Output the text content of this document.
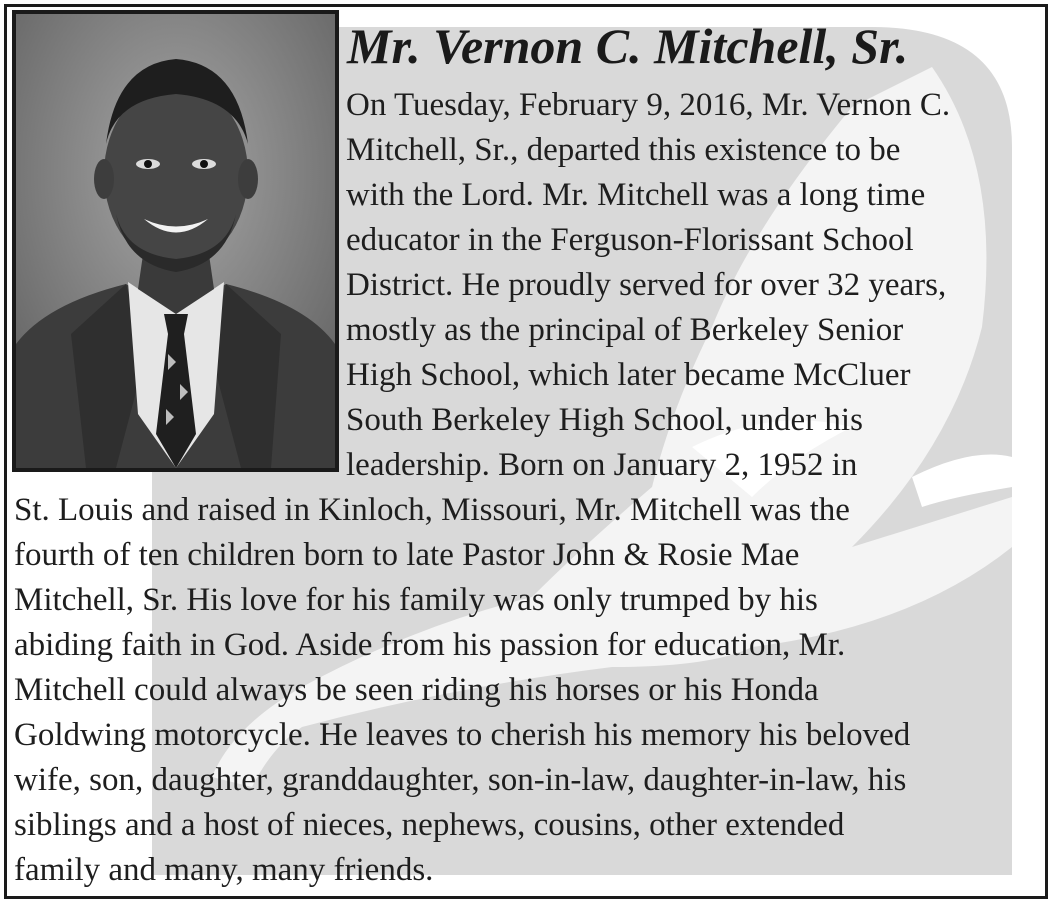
Mr. Vernon C. Mitchell, Sr.
On Tuesday, February 9, 2016, Mr. Vernon C.
Mitchell, Sr., departed this existence to be
with the Lord. Mr. Mitchell was a long time
educator in the Ferguson-Florissant School
District. He proudly served for over 32 years,
mostly as the principal of Berkeley Senior
High School, which later became McCluer
South Berkeley High School, under his
leadership. Born on January 2, 1952 in
St. Louis and raised in Kinloch, Missouri, Mr. Mitchell was the
fourth of ten children born to late Pastor John & Rosie Mae
Mitchell, Sr. His love for his family was only trumped by his
abiding faith in God. Aside from his passion for education, Mr.
Mitchell could always be seen riding his horses or his Honda
Goldwing motorcycle. He leaves to cherish his memory his beloved
wife, son, daughter, granddaughter, son-in-law, daughter-in-law, his
siblings and a host of nieces, nephews, cousins, other extended
family and many, many friends.
